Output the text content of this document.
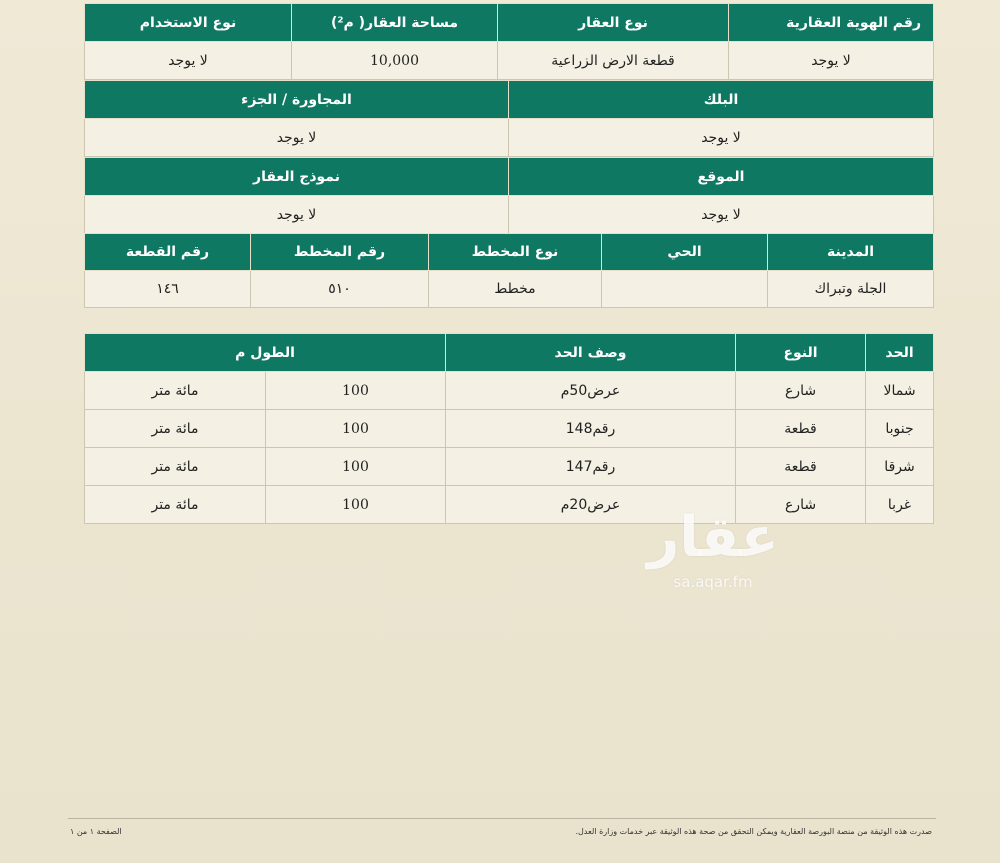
رقم الهوية العقارية	نوع العقار	مساحة العقار( م²)	نوع الاستخدام
لا يوجد	قطعة الارض الزراعية	10,000	لا يوجد
البلك	المجاورة / الجزء
لا يوجد	لا يوجد
الموقع	نموذج العقار
لا يوجد	لا يوجد
المدينة	الحي	نوع المخطط	رقم المخطط	رقم القطعة
الجلة وتبراك		مخطط	٥١٠	١٤٦
الحد	النوع	وصف الحد	الطول م	
شمالا	شارع	عرض50م	100	مائة متر
جنوبا	قطعة	رقم148	100	مائة متر
شرقا	قطعة	رقم147	100	مائة متر
غربا	شارع	عرض20م	100	مائة متر
عقار
sa.aqar.fm
الصفحة ١ من ١	صدرت هذه الوثيقة من منصة البورصة العقارية ويمكن التحقق من صحة هذه الوثيقة عبر خدمات وزارة العدل.
